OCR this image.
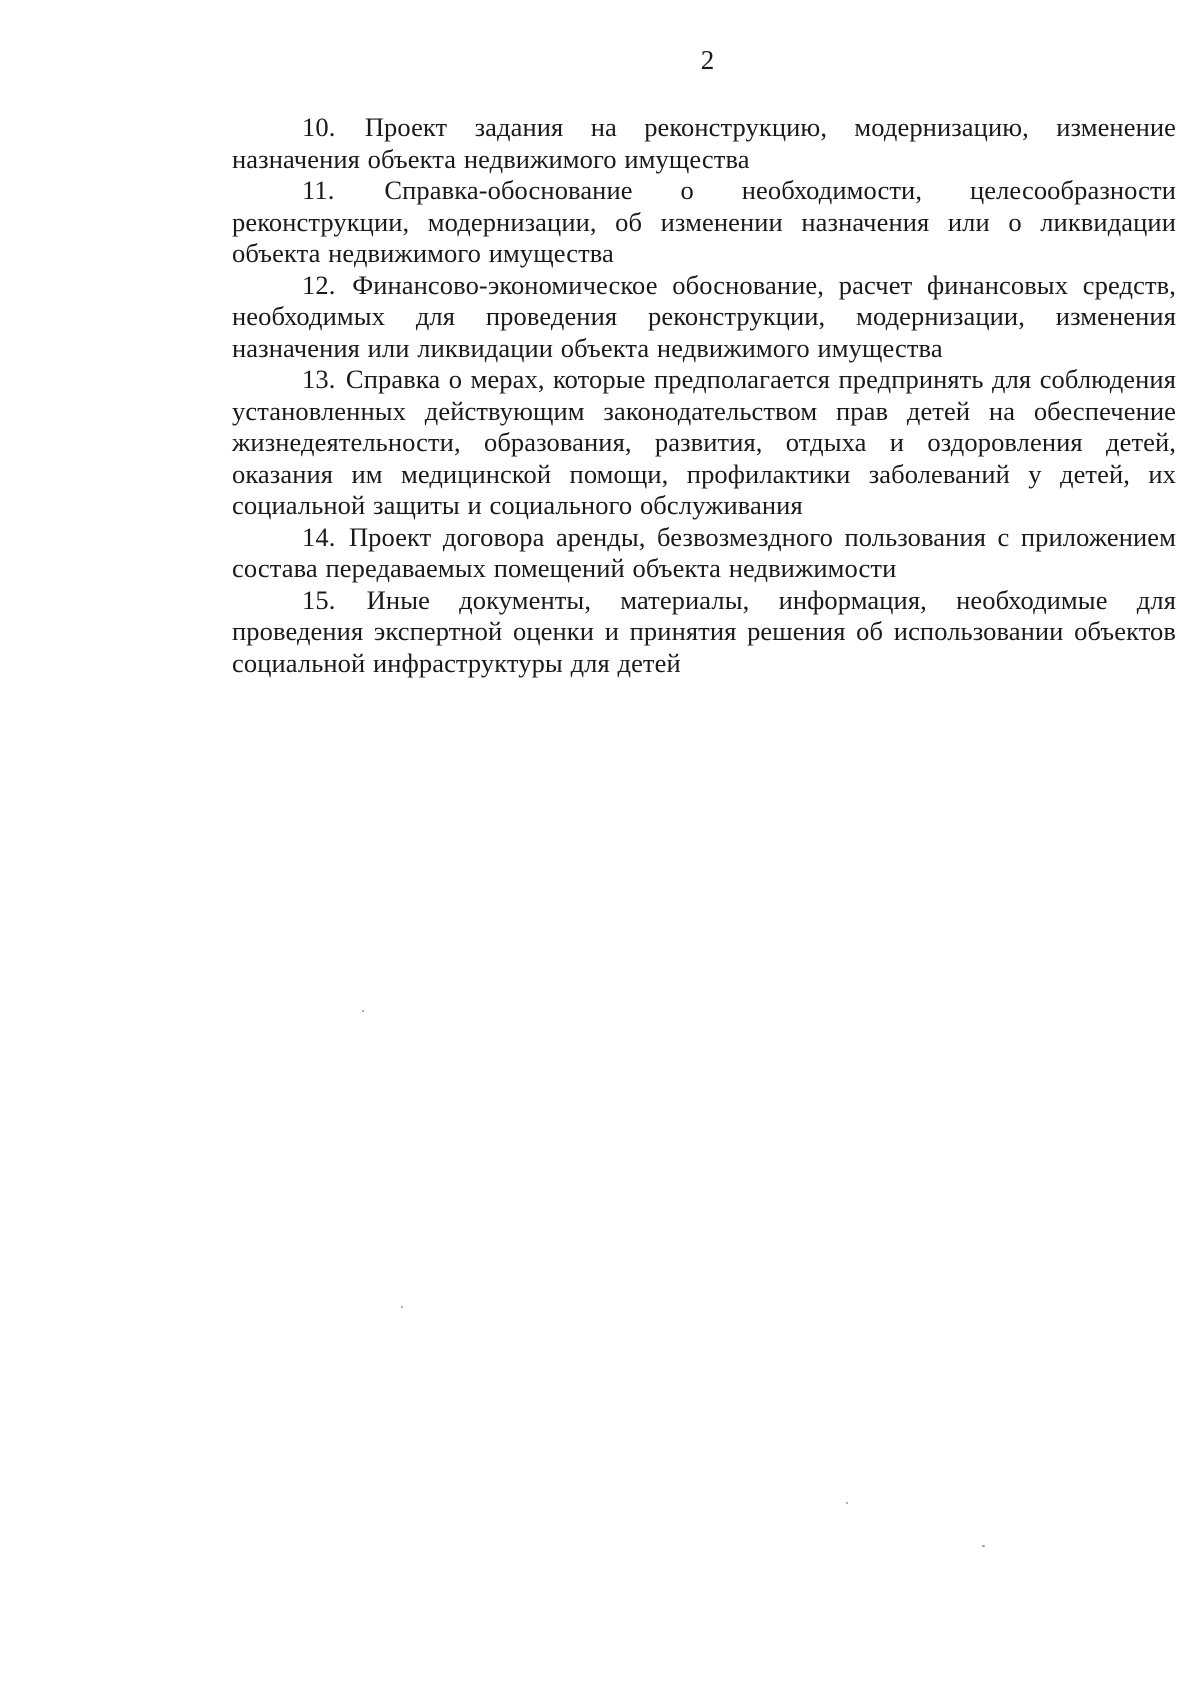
2

10. Проект задания на реконструкцию, модернизацию, изменение назначения объекта недвижимого имущества

11. Справка-обоснование о необходимости, целесообразности реконструкции, модернизации, об изменении назначения или о ликвидации объекта недвижимого имущества

12. Финансово-экономическое обоснование, расчет финансовых средств, необходимых для проведения реконструкции, модернизации, изменения назначения или ликвидации объекта недвижимого имущества

13. Справка о мерах, которые предполагается предпринять для соблюдения установленных действующим законодательством прав детей на обеспечение жизнедеятельности, образования, развития, отдыха и оздоровления детей, оказания им медицинской помощи, профилактики заболеваний у детей, их социальной защиты и социального обслуживания

14. Проект договора аренды, безвозмездного пользования с приложением состава передаваемых помещений объекта недвижимости

15. Иные документы, материалы, информация, необходимые для проведения экспертной оценки и принятия решения об использовании объектов социальной инфраструктуры для детей
